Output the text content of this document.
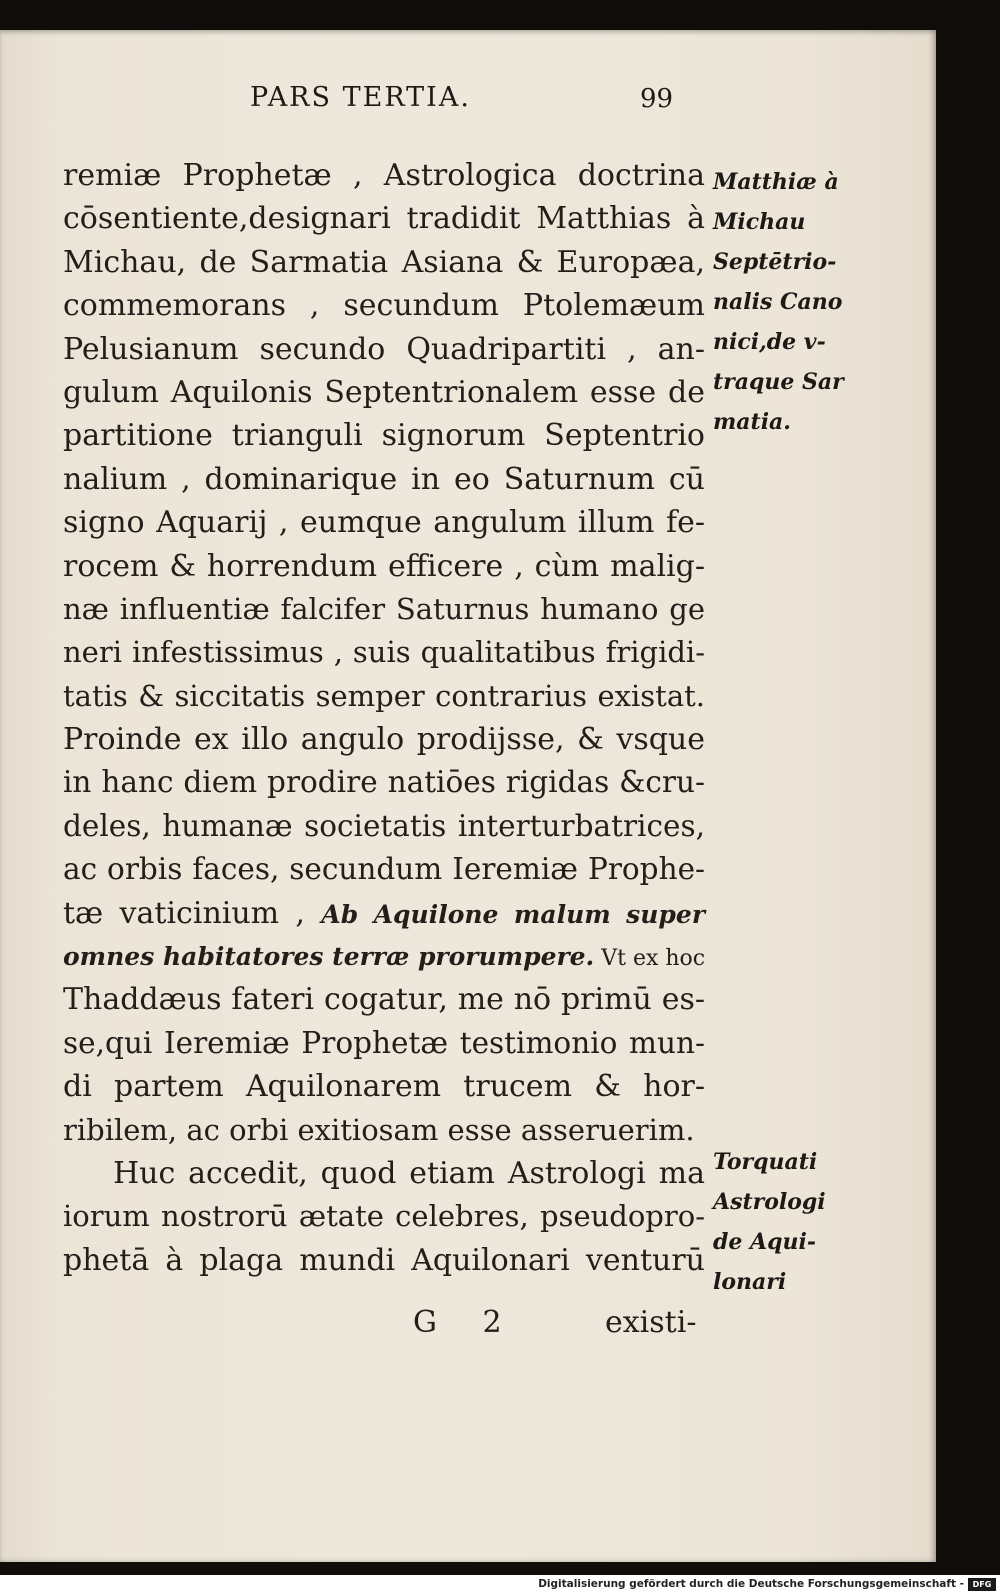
PARS TERTIA.	99
remiæ Prophetæ , Astrologica doctrina
cōsentiente,designari tradidit Matthias à
Michau, de Sarmatia Asiana & Europæa,
commemorans , secundum Ptolemæum
Pelusianum secundo Quadripartiti , an-
gulum Aquilonis Septentrionalem esse de
partitione trianguli signorum Septentrio
nalium , dominarique in eo Saturnum cū
signo Aquarij , eumque angulum illum fe-
rocem & horrendum efficere , cùm malig-
næ influentiæ falcifer Saturnus humano ge
neri infestissimus , suis qualitatibus frigidi-
tatis & siccitatis semper contrarius existat.
Proinde ex illo angulo prodijsse, & vsque
in hanc diem prodire natiōes rigidas &cru-
deles, humanæ societatis interturbatrices,
ac orbis faces, secundum Ieremiæ Prophe-
tæ vaticinium , Ab Aquilone malum super
omnes habitatores terræ prorumpere. Vt ex hoc
Thaddæus fateri cogatur, me nō primū es-
se,qui Ieremiæ Prophetæ testimonio mun-
di partem Aquilonarem trucem & hor-
ribilem, ac orbi exitiosam esse asseruerim.
Huc accedit, quod etiam Astrologi ma
iorum nostrorū ætate celebres, pseudopro-
phetā à plaga mundi Aquilonari venturū
Matthiæ à
Michau
Septētrio-
nalis Cano
nici,de v-
traque Sar
matia.
Torquati
Astrologi
de Aqui-
lonari
G 2	existi-
Digitalisierung gefördert durch die Deutsche Forschungsgemeinschaft -	DFG
